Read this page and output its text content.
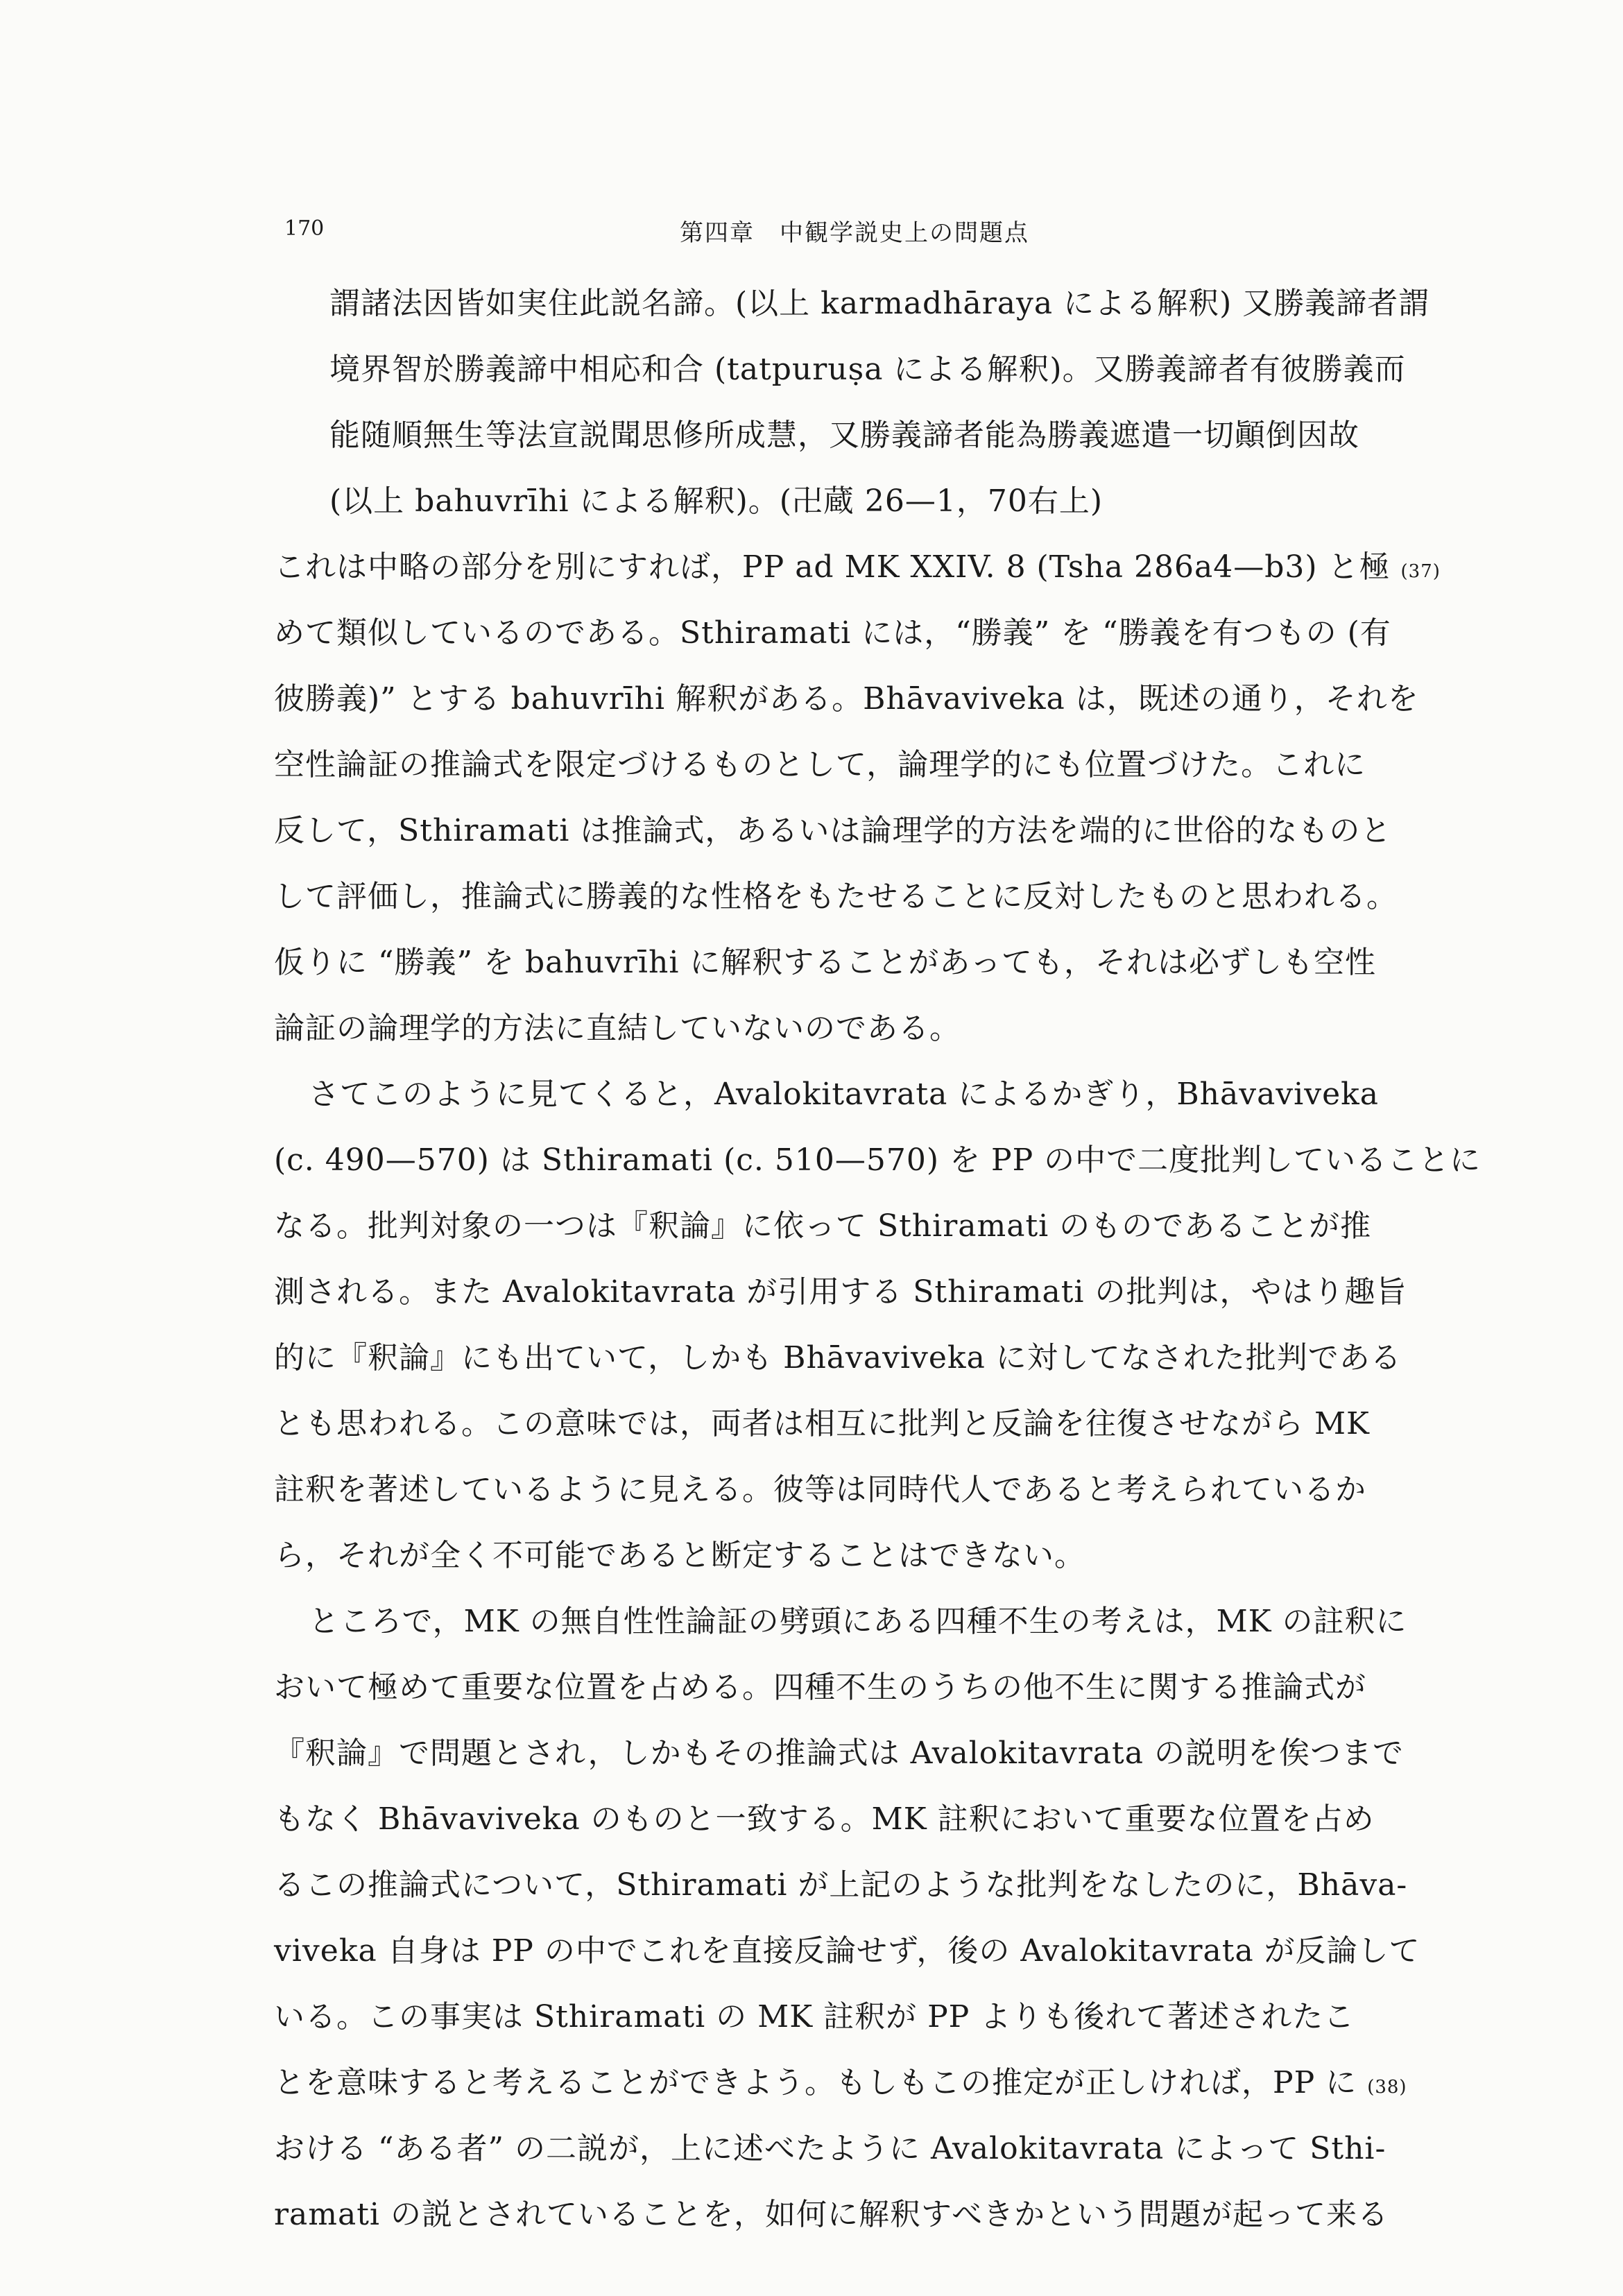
170	第四章　中観学説史上の問題点
謂諸法因皆如実住此説名諦。(以上 karmadhāraya による解釈) 又勝義諦者謂
境界智於勝義諦中相応和合 (tatpuruṣa による解釈)。又勝義諦者有彼勝義而
能随順無生等法宣説聞思修所成慧，又勝義諦者能為勝義遮遣一切顚倒因故
(以上 bahuvrīhi による解釈)。(卍蔵 26—1，70右上)
これは中略の部分を別にすれば，PP ad MK XXIV. 8 (Tsha 286a4—b3) と極 (37)
めて類似しているのである。Sthiramati には，“勝義” を “勝義を有つもの (有
彼勝義)” とする bahuvrīhi 解釈がある。Bhāvaviveka は，既述の通り，それを
空性論証の推論式を限定づけるものとして，論理学的にも位置づけた。これに
反して，Sthiramati は推論式，あるいは論理学的方法を端的に世俗的なものと
して評価し，推論式に勝義的な性格をもたせることに反対したものと思われる。
仮りに “勝義” を bahuvrīhi に解釈することがあっても，それは必ずしも空性
論証の論理学的方法に直結していないのである。
さてこのように見てくると，Avalokitavrata によるかぎり，Bhāvaviveka
(c. 490—570) は Sthiramati (c. 510—570) を PP の中で二度批判していることに
なる。批判対象の一つは『釈論』に依って Sthiramati のものであることが推
測される。また Avalokitavrata が引用する Sthiramati の批判は，やはり趣旨
的に『釈論』にも出ていて，しかも Bhāvaviveka に対してなされた批判である
とも思われる。この意味では，両者は相互に批判と反論を往復させながら MK
註釈を著述しているように見える。彼等は同時代人であると考えられているか
ら，それが全く不可能であると断定することはできない。
ところで，MK の無自性性論証の劈頭にある四種不生の考えは，MK の註釈に
おいて極めて重要な位置を占める。四種不生のうちの他不生に関する推論式が
『釈論』で問題とされ，しかもその推論式は Avalokitavrata の説明を俟つまで
もなく Bhāvaviveka のものと一致する。MK 註釈において重要な位置を占め
るこの推論式について，Sthiramati が上記のような批判をなしたのに，Bhāva-
viveka 自身は PP の中でこれを直接反論せず，後の Avalokitavrata が反論して
いる。この事実は Sthiramati の MK 註釈が PP よりも後れて著述されたこ
とを意味すると考えることができよう。もしもこの推定が正しければ，PP に (38)
おける “ある者” の二説が，上に述べたように Avalokitavrata によって Sthi-
ramati の説とされていることを，如何に解釈すべきかという問題が起って来る
